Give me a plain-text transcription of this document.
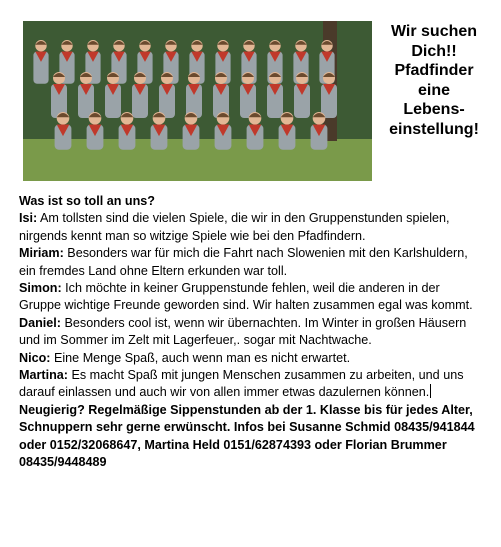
Wir suchen
Dich!!
Pfadfinder
eine
Lebens-
einstellung!

Was ist so toll an uns?

Isi: Am tollsten sind die vielen Spiele, die wir in den Gruppenstunden spielen, nirgends kennt man so witzige Spiele wie bei den Pfadfindern.

Miriam: Besonders war für mich die Fahrt nach Slowenien mit den Karlshuldern, ein fremdes Land ohne Eltern erkunden war toll.

Simon: Ich möchte in keiner Gruppenstunde fehlen, weil die anderen in der Gruppe wichtige Freunde geworden sind. Wir halten zusammen egal was kommt.

Daniel: Besonders cool ist, wenn wir übernachten. Im Winter in großen Häusern und im Sommer im Zelt mit Lagerfeuer,. sogar mit Nachtwache.

Nico: Eine Menge Spaß, auch wenn man es nicht erwartet.

Martina: Es macht Spaß mit jungen Menschen zusammen zu arbeiten, und uns darauf einlassen und auch wir von allen immer etwas dazulernen können.

Neugierig? Regelmäßige Sippenstunden ab der 1. Klasse bis für jedes Alter, Schnuppern sehr gerne erwünscht. Infos bei Susanne Schmid 08435/941844 oder 0152/32068647, Martina Held 0151/62874393 oder Florian Brummer 08435/9448489
